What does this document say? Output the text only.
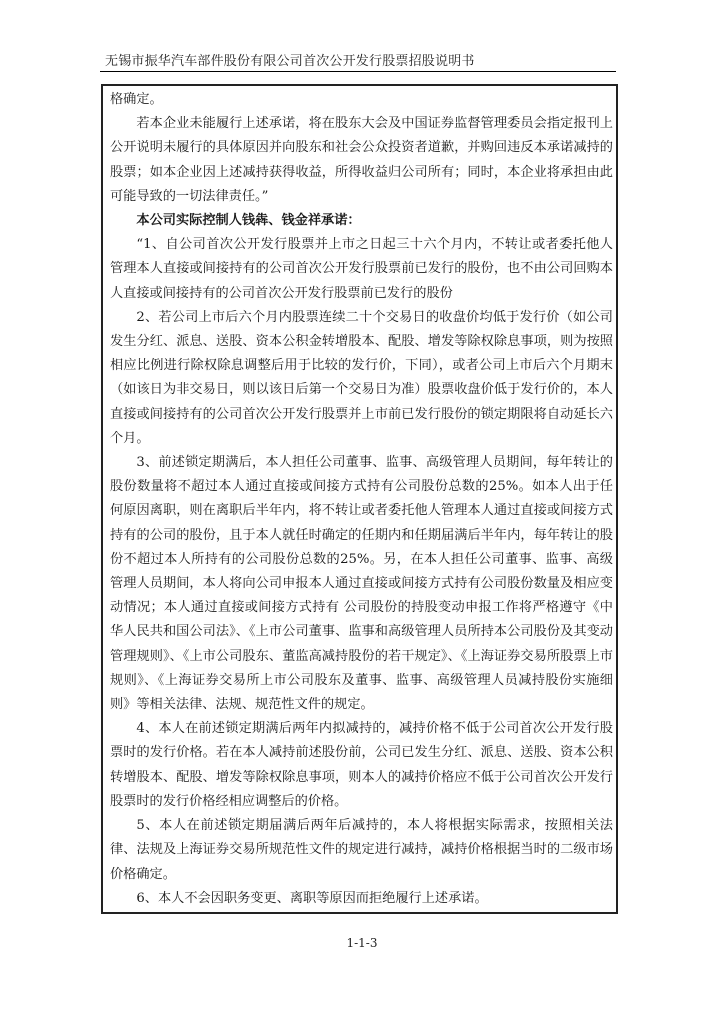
无锡市振华汽车部件股份有限公司首次公开发行股票招股说明书

格确定。

若本企业未能履行上述承诺，将在股东大会及中国证券监督管理委员会指定报刊上公开说明未履行的具体原因并向股东和社会公众投资者道歉，并购回违反本承诺减持的股票；如本企业因上述减持获得收益，所得收益归公司所有；同时，本企业将承担由此可能导致的一切法律责任。”

本公司实际控制人钱犇、钱金祥承诺：

“1、自公司首次公开发行股票并上市之日起三十六个月内，不转让或者委托他人管理本人直接或间接持有的公司首次公开发行股票前已发行的股份，也不由公司回购本人直接或间接持有的公司首次公开发行股票前已发行的股份

2、若公司上市后六个月内股票连续二十个交易日的收盘价均低于发行价（如公司发生分红、派息、送股、资本公积金转增股本、配股、增发等除权除息事项，则为按照相应比例进行除权除息调整后用于比较的发行价，下同），或者公司上市后六个月期末（如该日为非交易日，则以该日后第一个交易日为准）股票收盘价低于发行价的，本人直接或间接持有的公司首次公开发行股票并上市前已发行股份的锁定期限将自动延长六个月。

3、前述锁定期满后，本人担任公司董事、监事、高级管理人员期间，每年转让的股份数量将不超过本人通过直接或间接方式持有公司股份总数的25%。如本人出于任何原因离职，则在离职后半年内，将不转让或者委托他人管理本人通过直接或间接方式持有的公司的股份，且于本人就任时确定的任期内和任期届满后半年内，每年转让的股份不超过本人所持有的公司股份总数的25%。另，在本人担任公司董事、监事、高级管理人员期间，本人将向公司申报本人通过直接或间接方式持有公司股份数量及相应变动情况；本人通过直接或间接方式持有 公司股份的持股变动申报工作将严格遵守《中华人民共和国公司法》、《上市公司董事、监事和高级管理人员所持本公司股份及其变动管理规则》、《上市公司股东、董监高减持股份的若干规定》、《上海证券交易所股票上市规则》、《上海证券交易所上市公司股东及董事、监事、高级管理人员减持股份实施细则》等相关法律、法规、规范性文件的规定。

4、本人在前述锁定期满后两年内拟减持的，减持价格不低于公司首次公开发行股票时的发行价格。若在本人减持前述股份前，公司已发生分红、派息、送股、资本公积转增股本、配股、增发等除权除息事项，则本人的减持价格应不低于公司首次公开发行股票时的发行价格经相应调整后的价格。

5、本人在前述锁定期届满后两年后减持的，本人将根据实际需求，按照相关法律、法规及上海证券交易所规范性文件的规定进行减持，减持价格根据当时的二级市场价格确定。

6、本人不会因职务变更、离职等原因而拒绝履行上述承诺。

1-1-3
